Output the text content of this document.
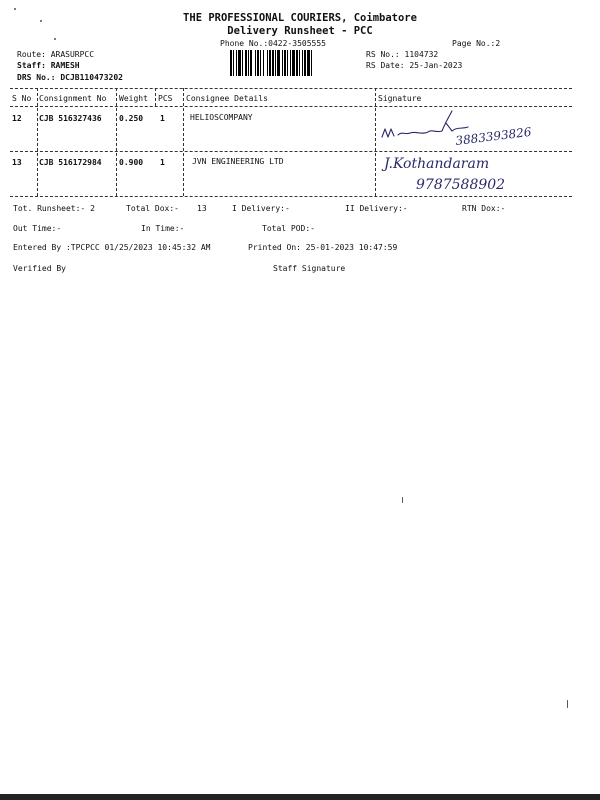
THE PROFESSIONAL COURIERS, Coimbatore
Delivery Runsheet - PCC
Phone No.:0422-3505555	Page No.:2
Route: ARASURPCC
Staff: RAMESH
DRS No.: DCJB110473202
RS No.: 1104732
RS Date: 25-Jan-2023
S No Consignment No Weight PCS Consignee Details	Signature
12 CJB 516327436 0.250 1	HELIOSCOMPANY
3883393826
13 CJB 516172984 0.900 1	JVN ENGINEERING LTD	J.Kothandaram
9787588902
Tot. Runsheet:- 2	Total Dox:- 13	I Delivery:-	II Delivery:-	RTN Dox:-
Out Time:-	In Time:-	Total POD:-
Entered By :TPCPCC 01/25/2023 10:45:32 AM	Printed On: 25-01-2023 10:47:59
Verified By	Staff Signature
